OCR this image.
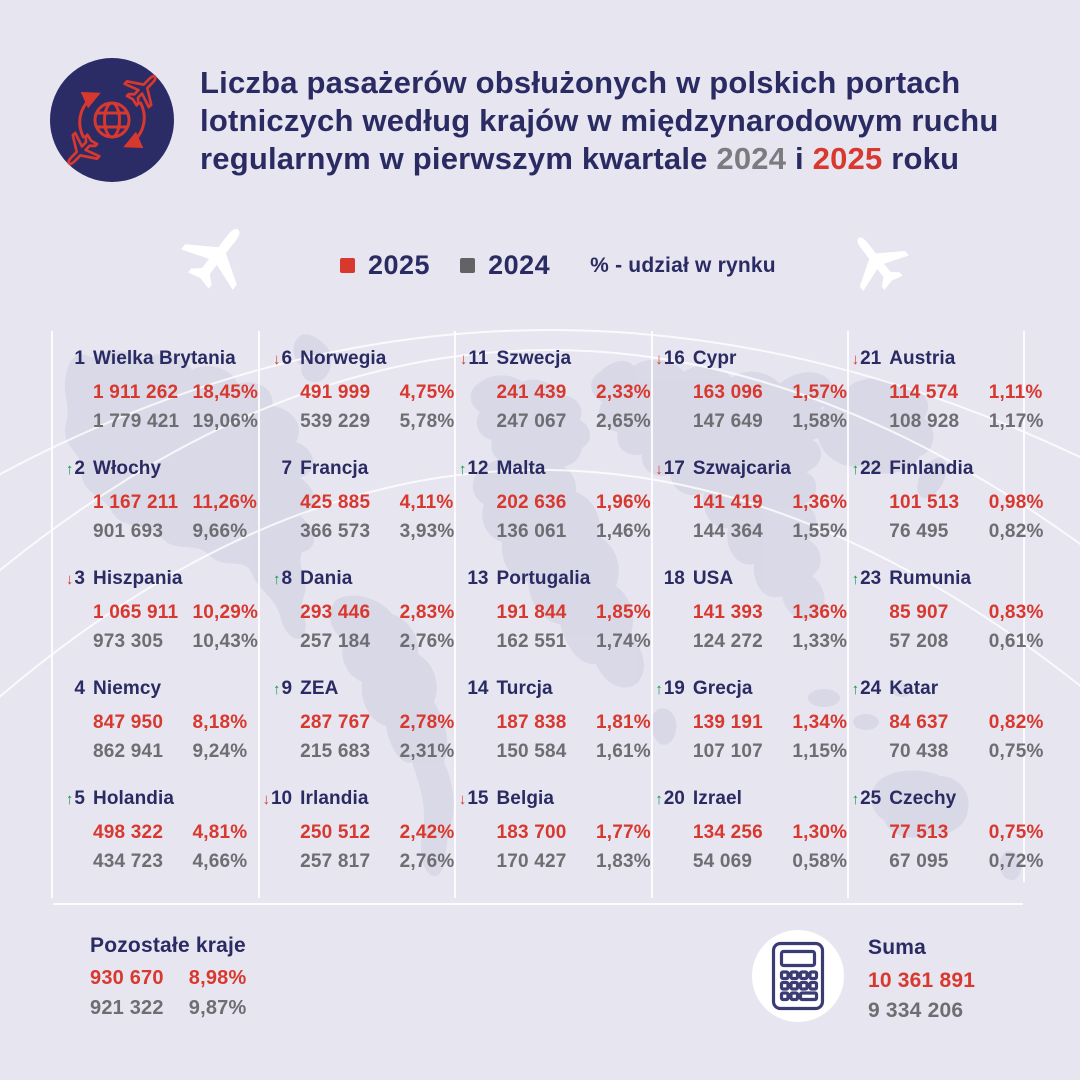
Liczba pasażerów obsłużonych w polskich portach
lotniczych według krajów w międzynarodowym ruchu
regularnym w pierwszym kwartale 2024 i 2025 roku
2025 2024 % - udział w rynku
1 Wielka Brytania
1 911 262 18,45%
1 779 421 19,06%
↑ 2 Włochy
1 167 211 11,26%
901 693 9,66%
↓ 3 Hiszpania
1 065 911 10,29%
973 305 10,43%
4 Niemcy
847 950 8,18%
862 941 9,24%
↑ 5 Holandia
498 322 4,81%
434 723 4,66%
↓ 6 Norwegia
491 999 4,75%
539 229 5,78%
7 Francja
425 885 4,11%
366 573 3,93%
↑ 8 Dania
293 446 2,83%
257 184 2,76%
↑ 9 ZEA
287 767 2,78%
215 683 2,31%
↓ 10 Irlandia
250 512 2,42%
257 817 2,76%
↓ 11 Szwecja
241 439 2,33%
247 067 2,65%
↑ 12 Malta
202 636 1,96%
136 061 1,46%
13 Portugalia
191 844 1,85%
162 551 1,74%
14 Turcja
187 838 1,81%
150 584 1,61%
↓ 15 Belgia
183 700 1,77%
170 427 1,83%
↓ 16 Cypr
163 096 1,57%
147 649 1,58%
↓ 17 Szwajcaria
141 419 1,36%
144 364 1,55%
18 USA
141 393 1,36%
124 272 1,33%
↑ 19 Grecja
139 191 1,34%
107 107 1,15%
↑ 20 Izrael
134 256 1,30%
54 069 0,58%
↓ 21 Austria
114 574 1,11%
108 928 1,17%
↑ 22 Finlandia
101 513 0,98%
76 495 0,82%
↑ 23 Rumunia
85 907 0,83%
57 208 0,61%
↑ 24 Katar
84 637 0,82%
70 438 0,75%
↑ 25 Czechy
77 513 0,75%
67 095 0,72%
Pozostałe kraje
930 670 8,98%
921 322 9,87%
Suma
10 361 891
9 334 206
